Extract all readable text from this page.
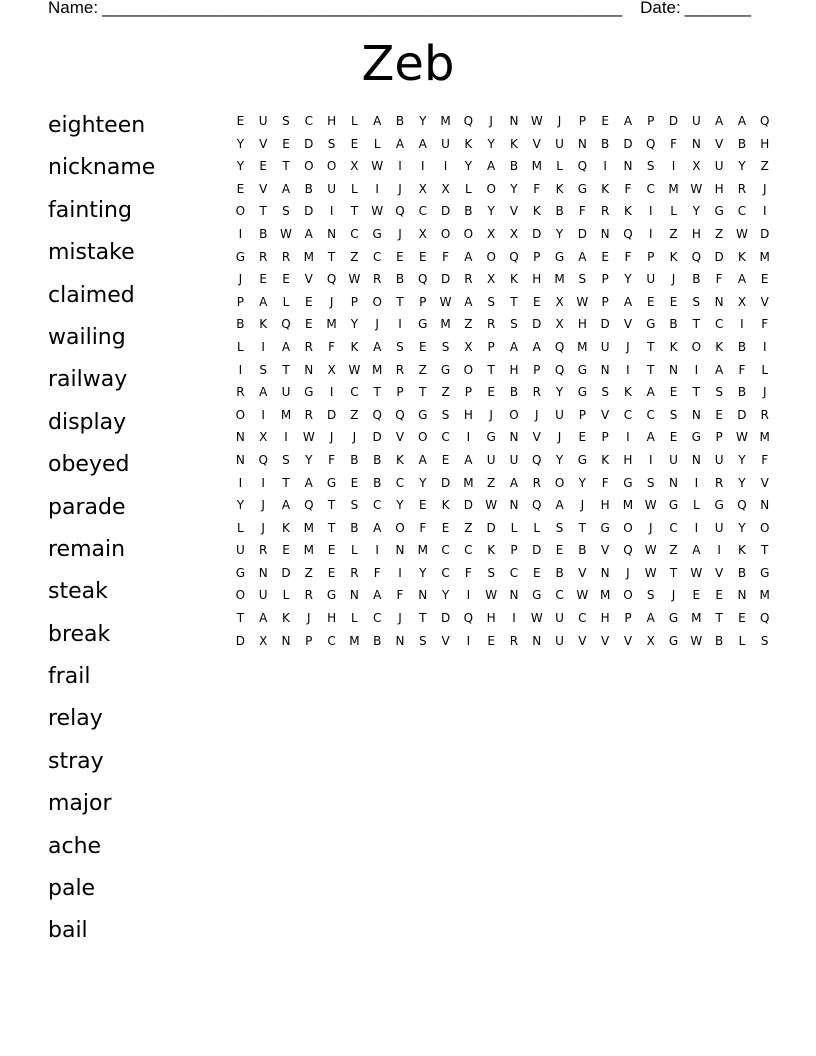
Name: _______________________________________________________ Date: _______
Zeb
eighteen
nickname
fainting
mistake
claimed
wailing
railway
display
obeyed
parade
remain
steak
break
frail
relay
stray
major
ache
pale
bail
E U S C H L A B Y M Q J N W J P E A P D U A A Q
Y V E D S E L A A U K Y K V U N B D Q F N V B H
Y E T O O X W I I I Y A B M L Q I N S I X U Y Z
E V A B U L I J X X L O Y F K G K F C M W H R J
O T S D I T W Q C D B Y V K B F R K I L Y G C I
I B W A N C G J X O O X X D Y D N Q I Z H Z W D
G R R M T Z C E E F A O Q P G A E F P K Q D K M
J E E V Q W R B Q D R X K H M S P Y U J B F A E
P A L E J P O T P W A S T E X W P A E E S N X V
B K Q E M Y J I G M Z R S D X H D V G B T C I F
L I A R F K A S E S X P A A Q M U J T K O K B I
I S T N X W M R Z G O T H P Q G N I T N I A F L
R A U G I C T P T Z P E B R Y G S K A E T S B J
O I M R D Z Q Q G S H J O J U P V C C S N E D R
N X I W J J D V O C I G N V J E P I A E G P W M
N Q S Y F B B K A E A U U Q Y G K H I U N U Y F
I I T A G E B C Y D M Z A R O Y F G S N I R Y V
Y J A Q T S C Y E K D W N Q A J H M W G L G Q N
L J K M T B A O F E Z D L L S T G O J C I U Y O
U R E M E L I N M C C K P D E B V Q W Z A I K T
G N D Z E R F I Y C F S C E B V N J W T W V B G
O U L R G N A F N Y I W N G C W M O S J E E N M
T A K J H L C J T D Q H I W U C H P A G M T E Q
D X N P C M B N S V I E R N U V V V X G W B L S
